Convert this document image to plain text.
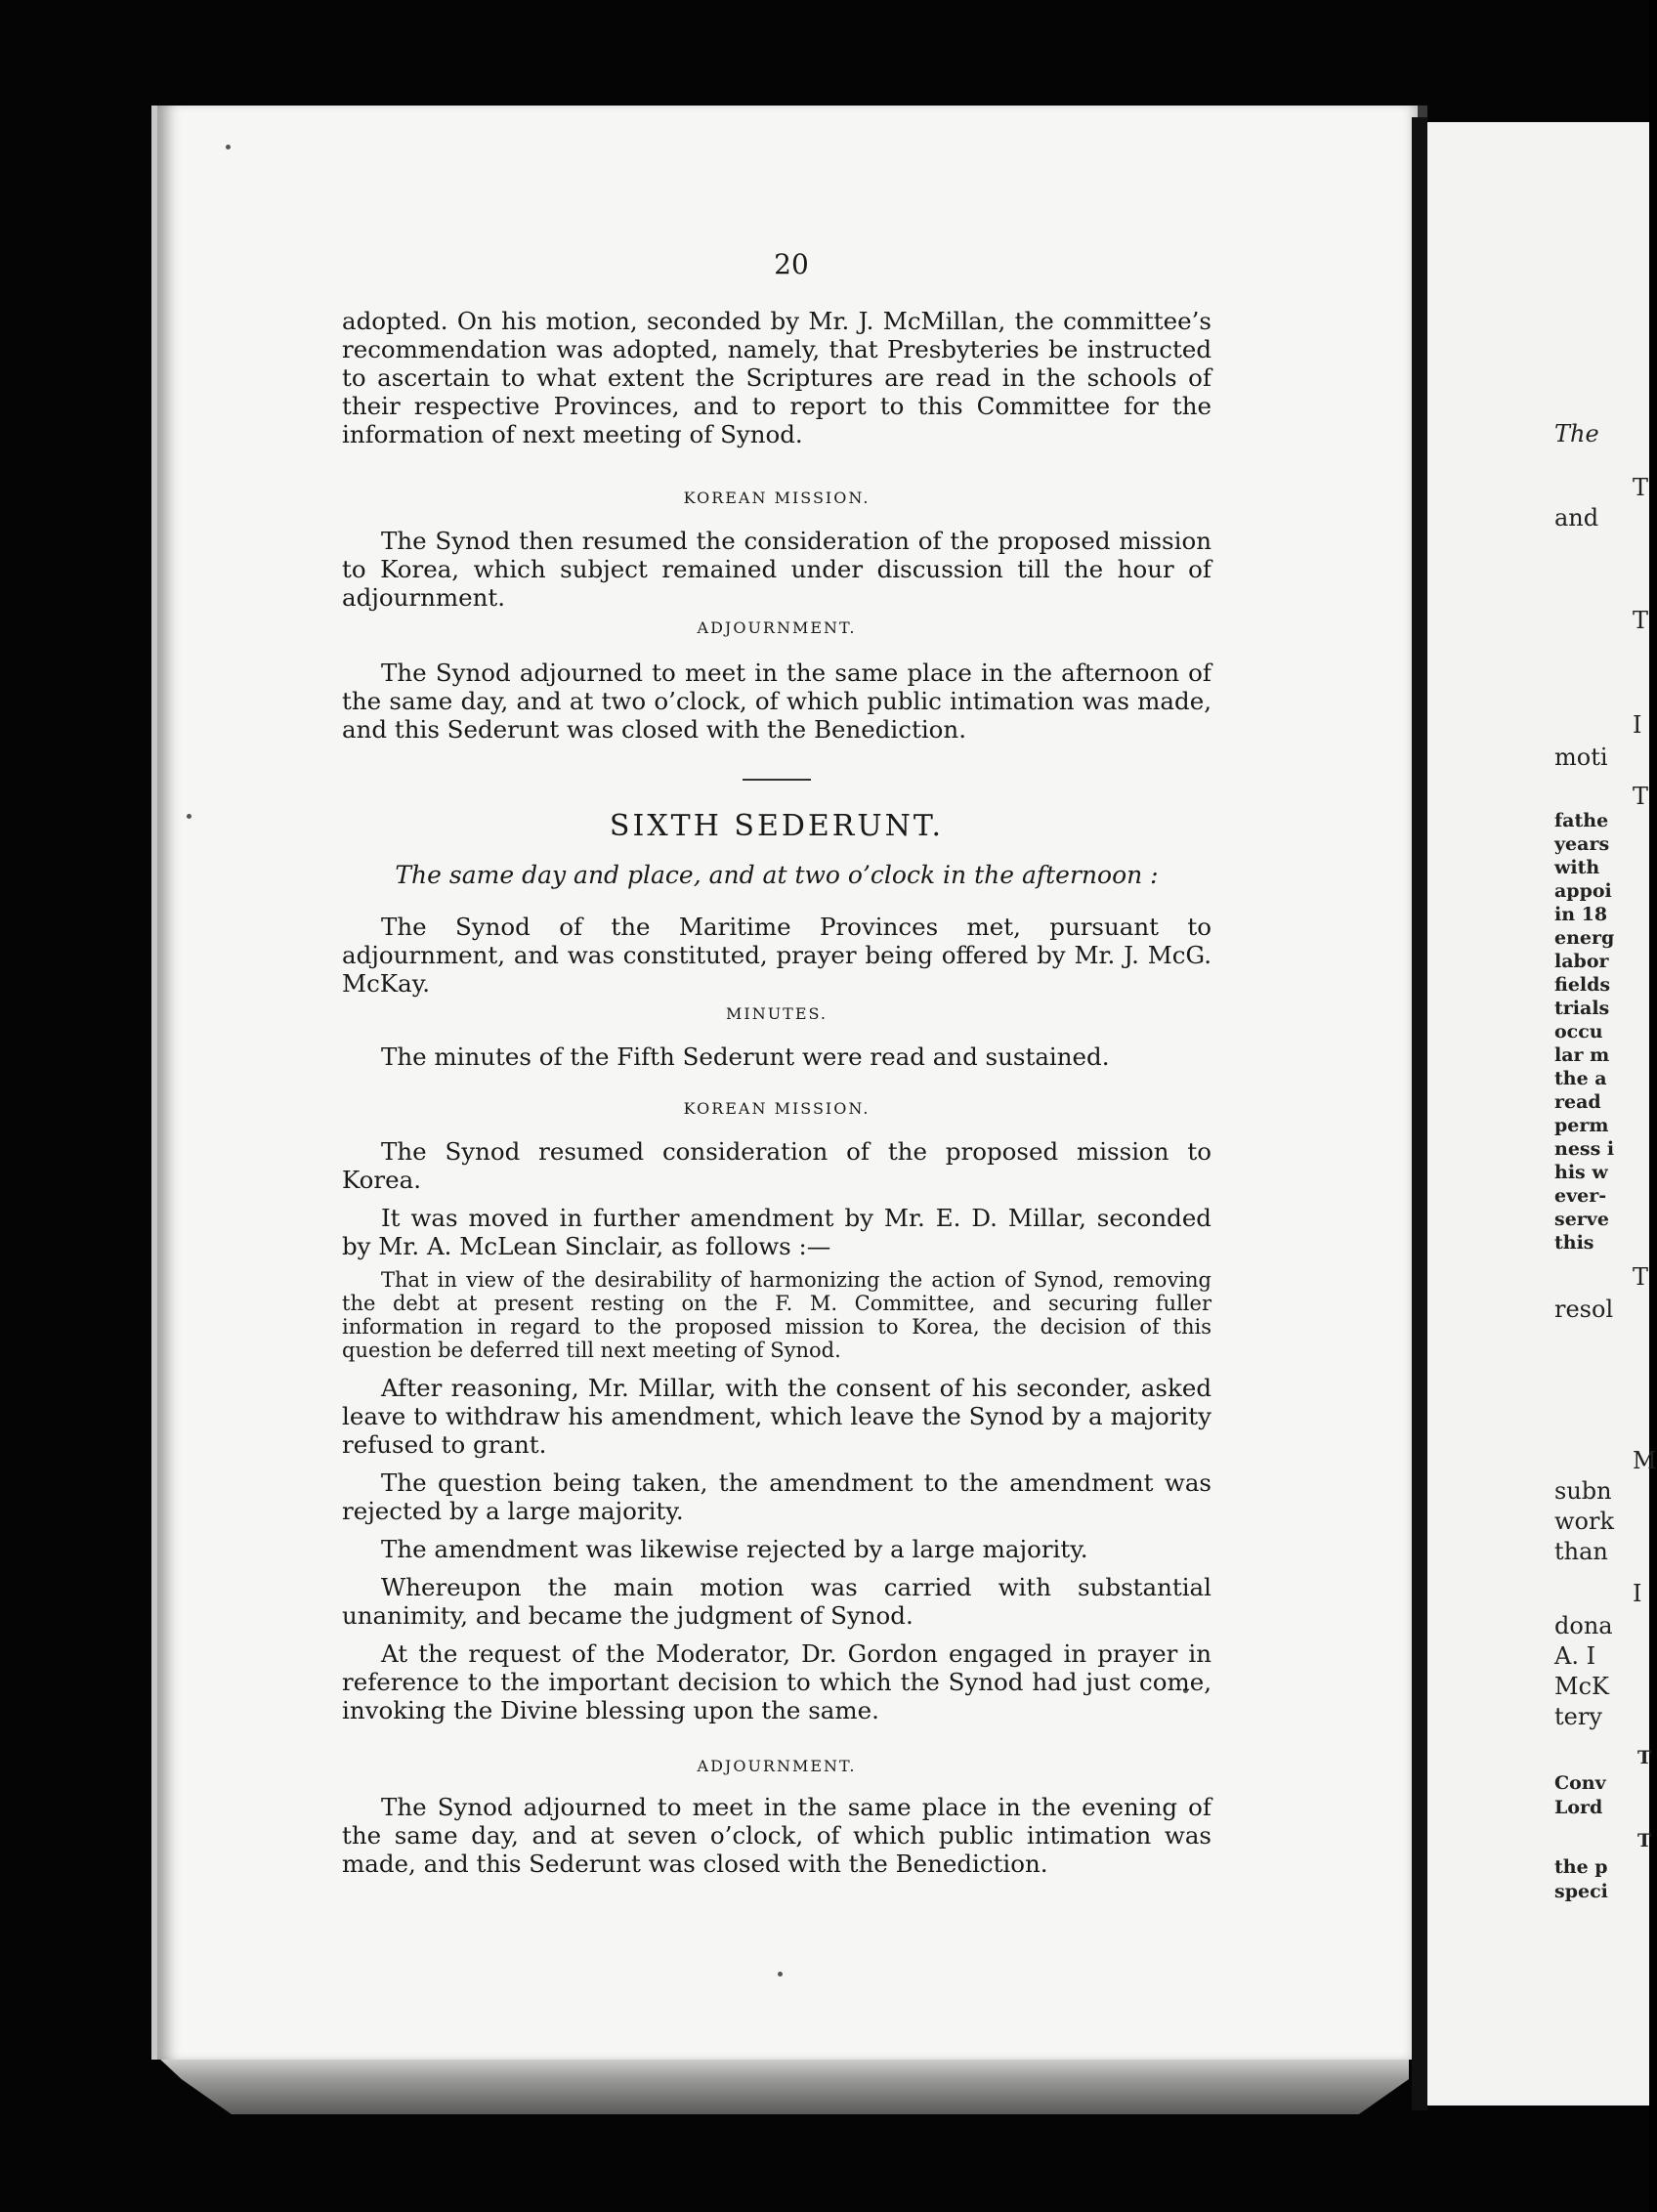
20

adopted. On his motion, seconded by Mr. J. McMillan, the committee’s recommendation was adopted, namely, that Presbyteries be instructed to ascertain to what extent the Scriptures are read in the schools of their respective Provinces, and to report to this Committee for the information of next meeting of Synod.

KOREAN MISSION.

The Synod then resumed the consideration of the proposed mission to Korea, which subject remained under discussion till the hour of adjournment.

ADJOURNMENT.

The Synod adjourned to meet in the same place in the afternoon of the same day, and at two o’clock, of which public intimation was made, and this Sederunt was closed with the Benediction.

SIXTH SEDERUNT.

The same day and place, and at two o’clock in the afternoon :

The Synod of the Maritime Provinces met, pursuant to adjournment, and was constituted, prayer being offered by Mr. J. McG. McKay.

MINUTES.

The minutes of the Fifth Sederunt were read and sustained.

KOREAN MISSION.

The Synod resumed consideration of the proposed mission to Korea.

It was moved in further amendment by Mr. E. D. Millar, seconded by Mr. A. McLean Sinclair, as follows :—

That in view of the desirability of harmonizing the action of Synod, removing the debt at present resting on the F. M. Committee, and securing fuller information in regard to the proposed mission to Korea, the decision of this question be deferred till next meeting of Synod.

After reasoning, Mr. Millar, with the consent of his seconder, asked leave to withdraw his amendment, which leave the Synod by a majority refused to grant.

The question being taken, the amendment to the amendment was rejected by a large majority.

The amendment was likewise rejected by a large majority.

Whereupon the main motion was carried with substantial unanimity, and became the judgment of Synod.

At the request of the Moderator, Dr. Gordon engaged in prayer in reference to the important decision to which the Synod had just come, invoking the Divine blessing upon the same.

ADJOURNMENT.

The Synod adjourned to meet in the same place in the evening of the same day, and at seven o’clock, of which public intimation was made, and this Sederunt was closed with the Benediction.

The
T
and
T
I
moti
T
fathe
years
with
appoi
in 18
energ
labor
fields
trials
occu
lar m
the a
read
perm
ness i
his w
ever-
serve
this
T
resol
M
subn
work
than
I
dona
A. I
McK
tery
T
Conv
Lord
T
the p
speci
